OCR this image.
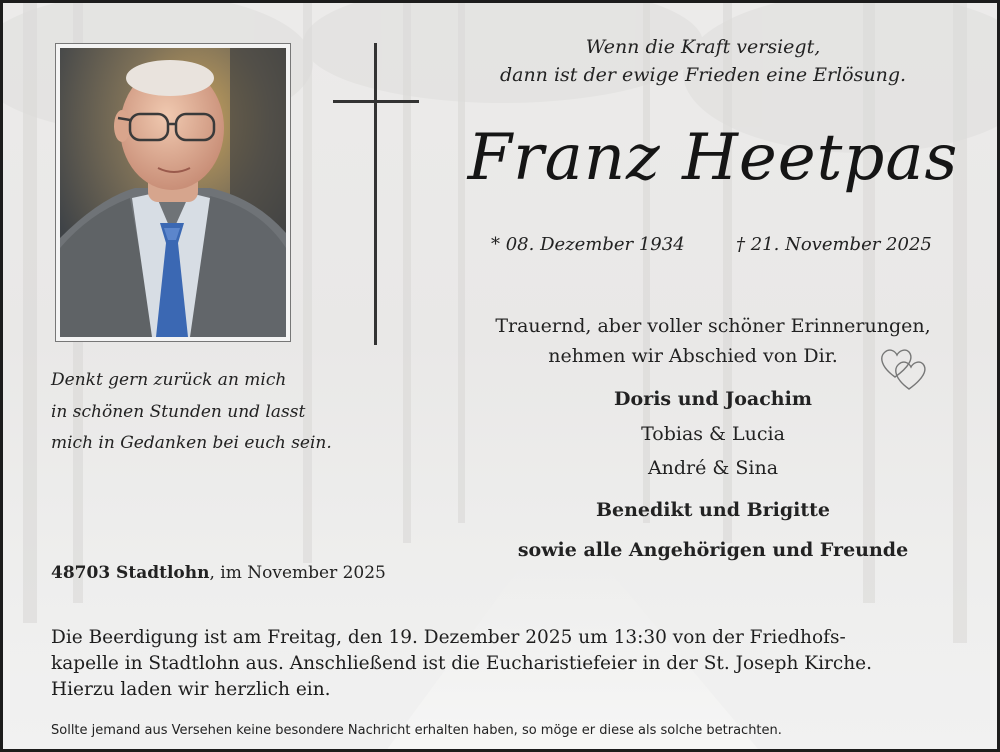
Wenn die Kraft versiegt,
dann ist der ewige Frieden eine Erlösung.
Franz Heetpas
* 08. Dezember 1934	† 21. November 2025
Trauernd, aber voller schöner Erinnerungen,
nehmen wir Abschied von Dir.
Doris und Joachim
Tobias & Lucia
André & Sina
Benedikt und Brigitte
sowie alle Angehörigen und Freunde
Denkt gern zurück an mich
in schönen Stunden und lasst
mich in Gedanken bei euch sein.
48703 Stadtlohn, im November 2025
Die Beerdigung ist am Freitag, den 19. Dezember 2025 um 13:30 von der Friedhofs-
kapelle in Stadtlohn aus. Anschließend ist die Eucharistiefeier in der St. Joseph Kirche.
Hierzu laden wir herzlich ein.
Sollte jemand aus Versehen keine besondere Nachricht erhalten haben, so möge er diese als solche betrachten.
